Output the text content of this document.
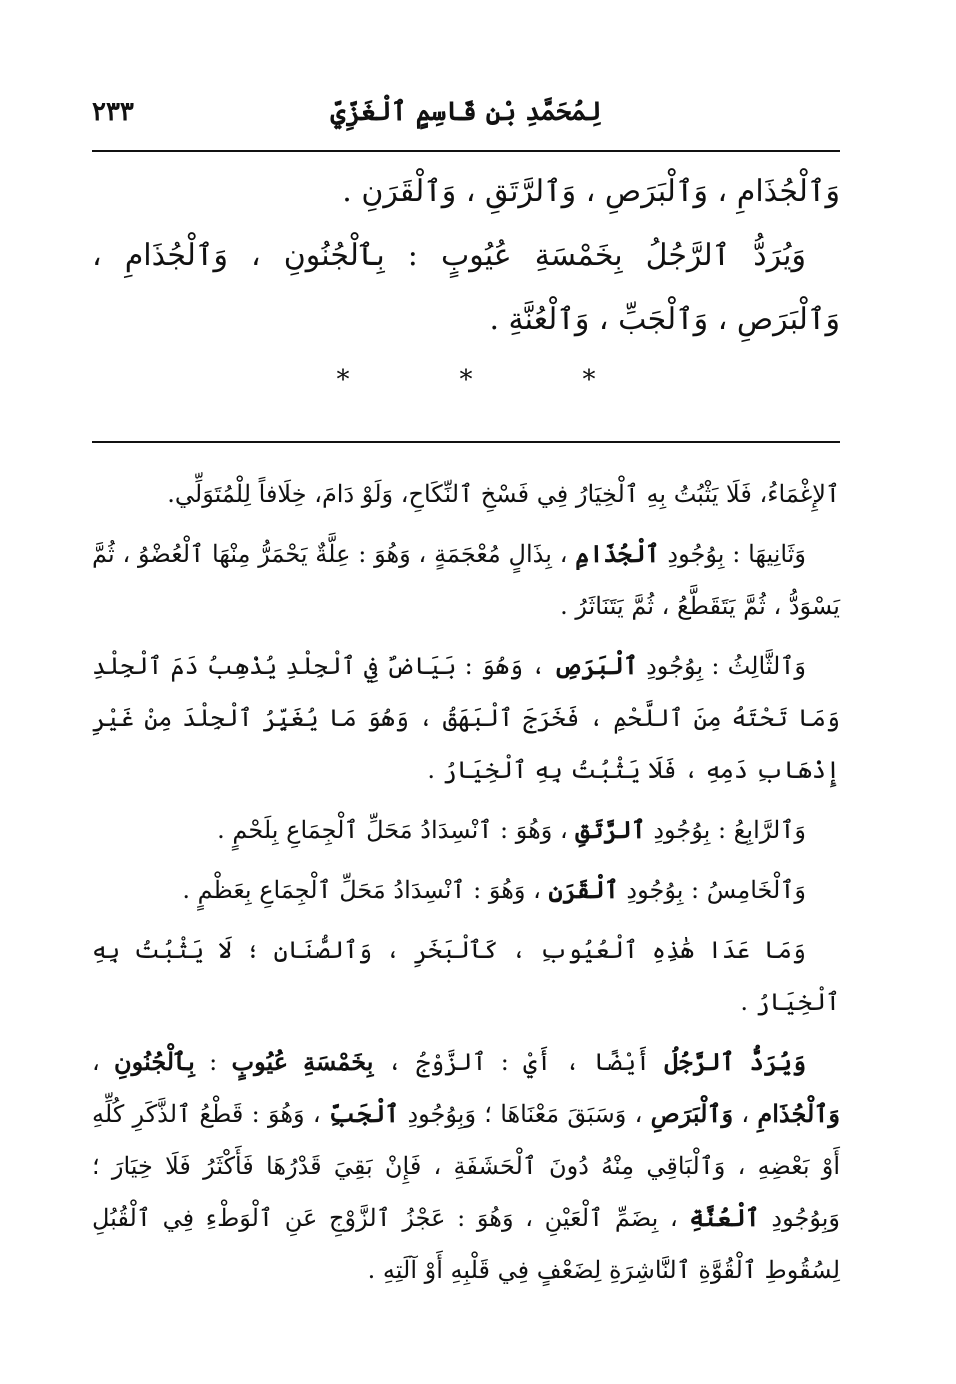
لِمُحَمَّدِ بْنِ قَاسِمٍ ٱلْغَزِّيِّ
٢٣٣

وَٱلْجُذَامِ ، وَٱلْبَرَصِ ، وَٱلرَّتَقِ ، وَٱلْقَرَنِ .

وَيُرَدُّ ٱلرَّجُلُ بِخَمْسَةِ عُيُوبٍ : بِٱلْجُنُونِ ، وَٱلْجُذَامِ ، وَٱلْبَرَصِ ، وَٱلْجَبِّ ، وَٱلْعُنَّةِ .

*
*
*

ٱلإِغْمَاءُ، فَلَا يَثْبُتُ بِهِ ٱلْخِيَارُ فِي فَسْخِ ٱلنِّكَاحِ، وَلَوْ دَامَ، خِلَافاً لِلْمُتَوَلِّي.

وَثَانِيهَا : بِوُجُودِ ٱلْجُذَامِ ، بِذَالٍ مُعْجَمَةٍ ، وَهُوَ : عِلَّةٌ يَحْمَرُّ مِنْهَا ٱلْعُضْوُ ، ثُمَّ يَسْوَدُّ ، ثُمَّ يَتَقَطَّعُ ، ثُمَّ يَتَنَاثَرُ .

وَٱلثَّالِثُ : بِوُجُودِ ٱلْبَرَصِ ، وَهُوَ : بَيَاضٌ فِي ٱلْجِلْدِ يُذْهِبُ دَمَ ٱلْجِلْدِ وَمَا تَحْتَهُ مِنَ ٱللَّحْمِ ، فَخَرَجَ ٱلْبَهَقُ ، وَهُوَ مَا يُغَيِّرُ ٱلْجِلْدَ مِنْ غَيْرِ إِذْهَابِ دَمِهِ ، فَلَا يَثْبُتُ بِهِ ٱلْخِيَارُ .

وَٱلرَّابِعُ : بِوُجُودِ ٱلرَّتَقِ ، وَهُوَ : ٱنْسِدَادُ مَحَلِّ ٱلْجِمَاعِ بِلَحْمٍ .

وَٱلْخَامِسُ : بِوُجُودِ ٱلْقَرَنِ ، وَهُوَ : ٱنْسِدَادُ مَحَلِّ ٱلْجِمَاعِ بِعَظْمٍ .

وَمَا عَدَا هَٰذِهِ ٱلْعُيُوبِ ، كَٱلْبَخَرِ ، وَٱلصُّنَانِ ؛ لَا يَثْبُتُ بِهِ ٱلْخِيَارُ .

وَيُرَدُّ ٱلرَّجُلُ أَيْضًا ، أَيْ : ٱلزَّوْجُ ، بِخَمْسَةِ عُيُوبٍ : بِٱلْجُنُونِ ، وَٱلْجُذَامِ ، وَٱلْبَرَصِ ، وَسَبَقَ مَعْنَاهَا ؛ وَبِوُجُودِ ٱلْجَبِّ ، وَهُوَ : قَطْعُ ٱلذَّكَرِ كُلِّهِ أَوْ بَعْضِهِ ، وَٱلْبَاقِي مِنْهُ دُونَ ٱلْحَشَفَةِ ، فَإِنْ بَقِيَ قَدْرُهَا فَأَكْثَرُ فَلَا خِيَارَ ؛ وَبِوُجُودِ ٱلْعُنَّةِ ، بِضَمِّ ٱلْعَيْنِ ، وَهُوَ : عَجْزُ ٱلزَّوْجِ عَنِ ٱلْوَطْءِ فِي ٱلْقُبُلِ لِسُقُوطِ ٱلْقُوَّةِ ٱلنَّاشِرَةِ لِضَعْفٍ فِي قَلْبِهِ أَوْ آلَتِهِ .
